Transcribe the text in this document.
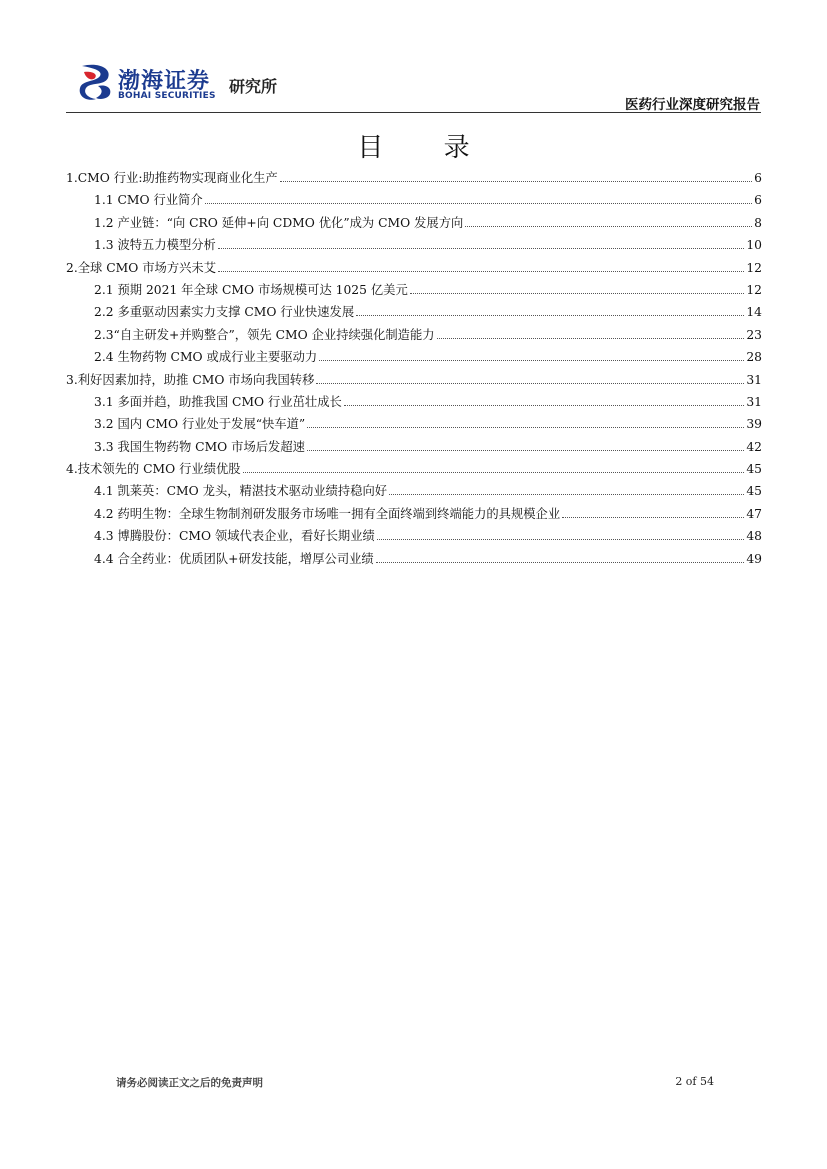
渤海证券
BOHAI SECURITIES 研究所
医药行业深度研究报告
目 录
1.CMO 行业:助推药物实现商业化生产	6
1.1 CMO 行业简介	6
1.2 产业链：“向 CRO 延伸+向 CDMO 优化”成为 CMO 发展方向	8
1.3 波特五力模型分析	10
2.全球 CMO 市场方兴未艾	12
2.1 预期 2021 年全球 CMO 市场规模可达 1025 亿美元	12
2.2 多重驱动因素实力支撑 CMO 行业快速发展	14
2.3“自主研发+并购整合”，领先 CMO 企业持续强化制造能力	23
2.4 生物药物 CMO 或成行业主要驱动力	28
3.利好因素加持，助推 CMO 市场向我国转移	31
3.1 多面并趋，助推我国 CMO 行业茁壮成长	31
3.2 国内 CMO 行业处于发展“快车道”	39
3.3 我国生物药物 CMO 市场后发超速	42
4.技术领先的 CMO 行业绩优股	45
4.1 凯莱英：CMO 龙头，精湛技术驱动业绩持稳向好	45
4.2 药明生物：全球生物制剂研发服务市场唯一拥有全面终端到终端能力的具规模企业	47
4.3 博腾股份：CMO 领域代表企业，看好长期业绩	48
4.4 合全药业：优质团队+研发技能，增厚公司业绩	49
请务必阅读正文之后的免责声明	2 of 54
